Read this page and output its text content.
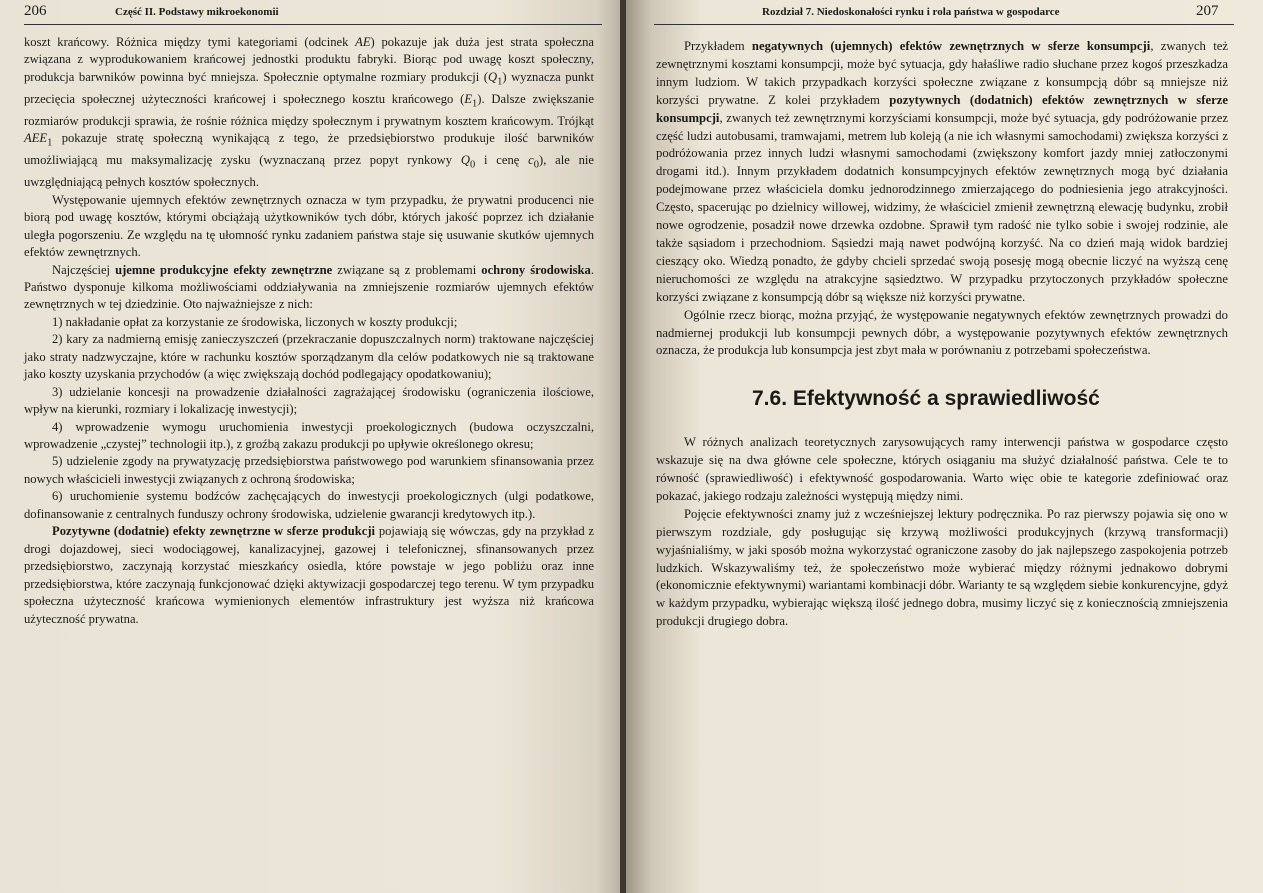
206	Część II. Podstawy mikroekonomii

koszt krańcowy. Różnica między tymi kategoriami (odcinek AE) pokazuje jak duża jest strata społeczna związana z wyprodukowaniem krańcowej jednostki produktu fabryki. Biorąc pod uwagę koszt społeczny, produkcja barwników powinna być mniejsza. Społecznie optymalne rozmiary produkcji $(Q_1)$ wyznacza punkt przecięcia społecznej użyteczności krańcowej i społecznego kosztu krańcowego $(E_1)$. Dalsze zwiększanie rozmiarów produkcji sprawia, że rośnie różnica między społecznym i prywatnym kosztem krańcowym. Trójkąt $AEE_1$ pokazuje stratę społeczną wynikającą z tego, że przedsiębiorstwo produkuje ilość barwników umożliwiającą mu maksymalizację zysku (wyznaczaną przez popyt rynkowy $Q_0$ i cenę $c_0$), ale nie uwzględniającą pełnych kosztów społecznych.

Występowanie ujemnych efektów zewnętrznych oznacza w tym przypadku, że prywatni producenci nie biorą pod uwagę kosztów, którymi obciążają użytkowników tych dóbr, których jakość poprzez ich działanie uległa pogorszeniu. Ze względu na tę ułomność rynku zadaniem państwa staje się usuwanie skutków ujemnych efektów zewnętrznych.

Najczęściej ujemne produkcyjne efekty zewnętrzne związane są z problemami ochrony środowiska. Państwo dysponuje kilkoma możliwościami oddziaływania na zmniejszenie rozmiarów ujemnych efektów zewnętrznych w tej dziedzinie. Oto najważniejsze z nich:

1) nakładanie opłat za korzystanie ze środowiska, liczonych w koszty produkcji;

2) kary za nadmierną emisję zanieczyszczeń (przekraczanie dopuszczalnych norm) traktowane najczęściej jako straty nadzwyczajne, które w rachunku kosztów sporządzanym dla celów podatkowych nie są traktowane jako koszty uzyskania przychodów (a więc zwiększają dochód podlegający opodatkowaniu);

3) udzielanie koncesji na prowadzenie działalności zagrażającej środowisku (ograniczenia ilościowe, wpływ na kierunki, rozmiary i lokalizację inwestycji);

4) wprowadzenie wymogu uruchomienia inwestycji proekologicznych (budowa oczyszczalni, wprowadzenie „czystej” technologii itp.), z groźbą zakazu produkcji po upływie określonego okresu;

5) udzielenie zgody na prywatyzację przedsiębiorstwa państwowego pod warunkiem sfinansowania przez nowych właścicieli inwestycji związanych z ochroną środowiska;

6) uruchomienie systemu bodźców zachęcających do inwestycji proekologicznych (ulgi podatkowe, dofinansowanie z centralnych funduszy ochrony środowiska, udzielenie gwarancji kredytowych itp.).

Pozytywne (dodatnie) efekty zewnętrzne w sferze produkcji pojawiają się wówczas, gdy na przykład z drogi dojazdowej, sieci wodociągowej, kanalizacyjnej, gazowej i telefonicznej, sfinansowanych przez przedsiębiorstwo, zaczynają korzystać mieszkańcy osiedla, które powstaje w jego pobliżu oraz inne przedsiębiorstwa, które zaczynają funkcjonować dzięki aktywizacji gospodarczej tego terenu. W tym przypadku społeczna użyteczność krańcowa wymienionych elementów infrastruktury jest wyższa niż krańcowa użyteczność prywatna.

Rozdział 7. Niedoskonałości rynku i rola państwa w gospodarce	207

Przykładem negatywnych (ujemnych) efektów zewnętrznych w sferze konsumpcji, zwanych też zewnętrznymi kosztami konsumpcji, może być sytuacja, gdy hałaśliwe radio słuchane przez kogoś przeszkadza innym ludziom. W takich przypadkach korzyści społeczne związane z konsumpcją dóbr są mniejsze niż korzyści prywatne. Z kolei przykładem pozytywnych (dodatnich) efektów zewnętrznych w sferze konsumpcji, zwanych też zewnętrznymi korzyściami konsumpcji, może być sytuacja, gdy podróżowanie przez część ludzi autobusami, tramwajami, metrem lub koleją (a nie ich własnymi samochodami) zwiększa korzyści z podróżowania przez innych ludzi własnymi samochodami (zwiększony komfort jazdy mniej zatłoczonymi drogami itd.). Innym przykładem dodatnich konsumpcyjnych efektów zewnętrznych mogą być działania podejmowane przez właściciela domku jednorodzinnego zmierzającego do podniesienia jego atrakcyjności. Często, spacerując po dzielnicy willowej, widzimy, że właściciel zmienił zewnętrzną elewację budynku, zrobił nowe ogrodzenie, posadził nowe drzewka ozdobne. Sprawił tym radość nie tylko sobie i swojej rodzinie, ale także sąsiadom i przechodniom. Sąsiedzi mają nawet podwójną korzyść. Na co dzień mają widok bardziej cieszący oko. Wiedzą ponadto, że gdyby chcieli sprzedać swoją posesję mogą obecnie liczyć na wyższą cenę nieruchomości ze względu na atrakcyjne sąsiedztwo. W przypadku przytoczonych przykładów społeczne korzyści związane z konsumpcją dóbr są większe niż korzyści prywatne.

Ogólnie rzecz biorąc, można przyjąć, że występowanie negatywnych efektów zewnętrznych prowadzi do nadmiernej produkcji lub konsumpcji pewnych dóbr, a występowanie pozytywnych efektów zewnętrznych oznacza, że produkcja lub konsumpcja jest zbyt mała w porównaniu z potrzebami społeczeństwa.

7.6. Efektywność a sprawiedliwość

W różnych analizach teoretycznych zarysowujących ramy interwencji państwa w gospodarce często wskazuje się na dwa główne cele społeczne, których osiąganiu ma służyć działalność państwa. Cele te to równość (sprawiedliwość) i efektywność gospodarowania. Warto więc obie te kategorie zdefiniować oraz pokazać, jakiego rodzaju zależności występują między nimi.

Pojęcie efektywności znamy już z wcześniejszej lektury podręcznika. Po raz pierwszy pojawia się ono w pierwszym rozdziale, gdy posługując się krzywą możliwości produkcyjnych (krzywą transformacji) wyjaśnialiśmy, w jaki sposób można wykorzystać ograniczone zasoby do jak najlepszego zaspokojenia potrzeb ludzkich. Wskazywaliśmy też, że społeczeństwo może wybierać między różnymi jednakowo dobrymi (ekonomicznie efektywnymi) wariantami kombinacji dóbr. Warianty te są względem siebie konkurencyjne, gdyż w każdym przypadku, wybierając większą ilość jednego dobra, musimy liczyć się z koniecznością zmniejszenia produkcji drugiego dobra.
